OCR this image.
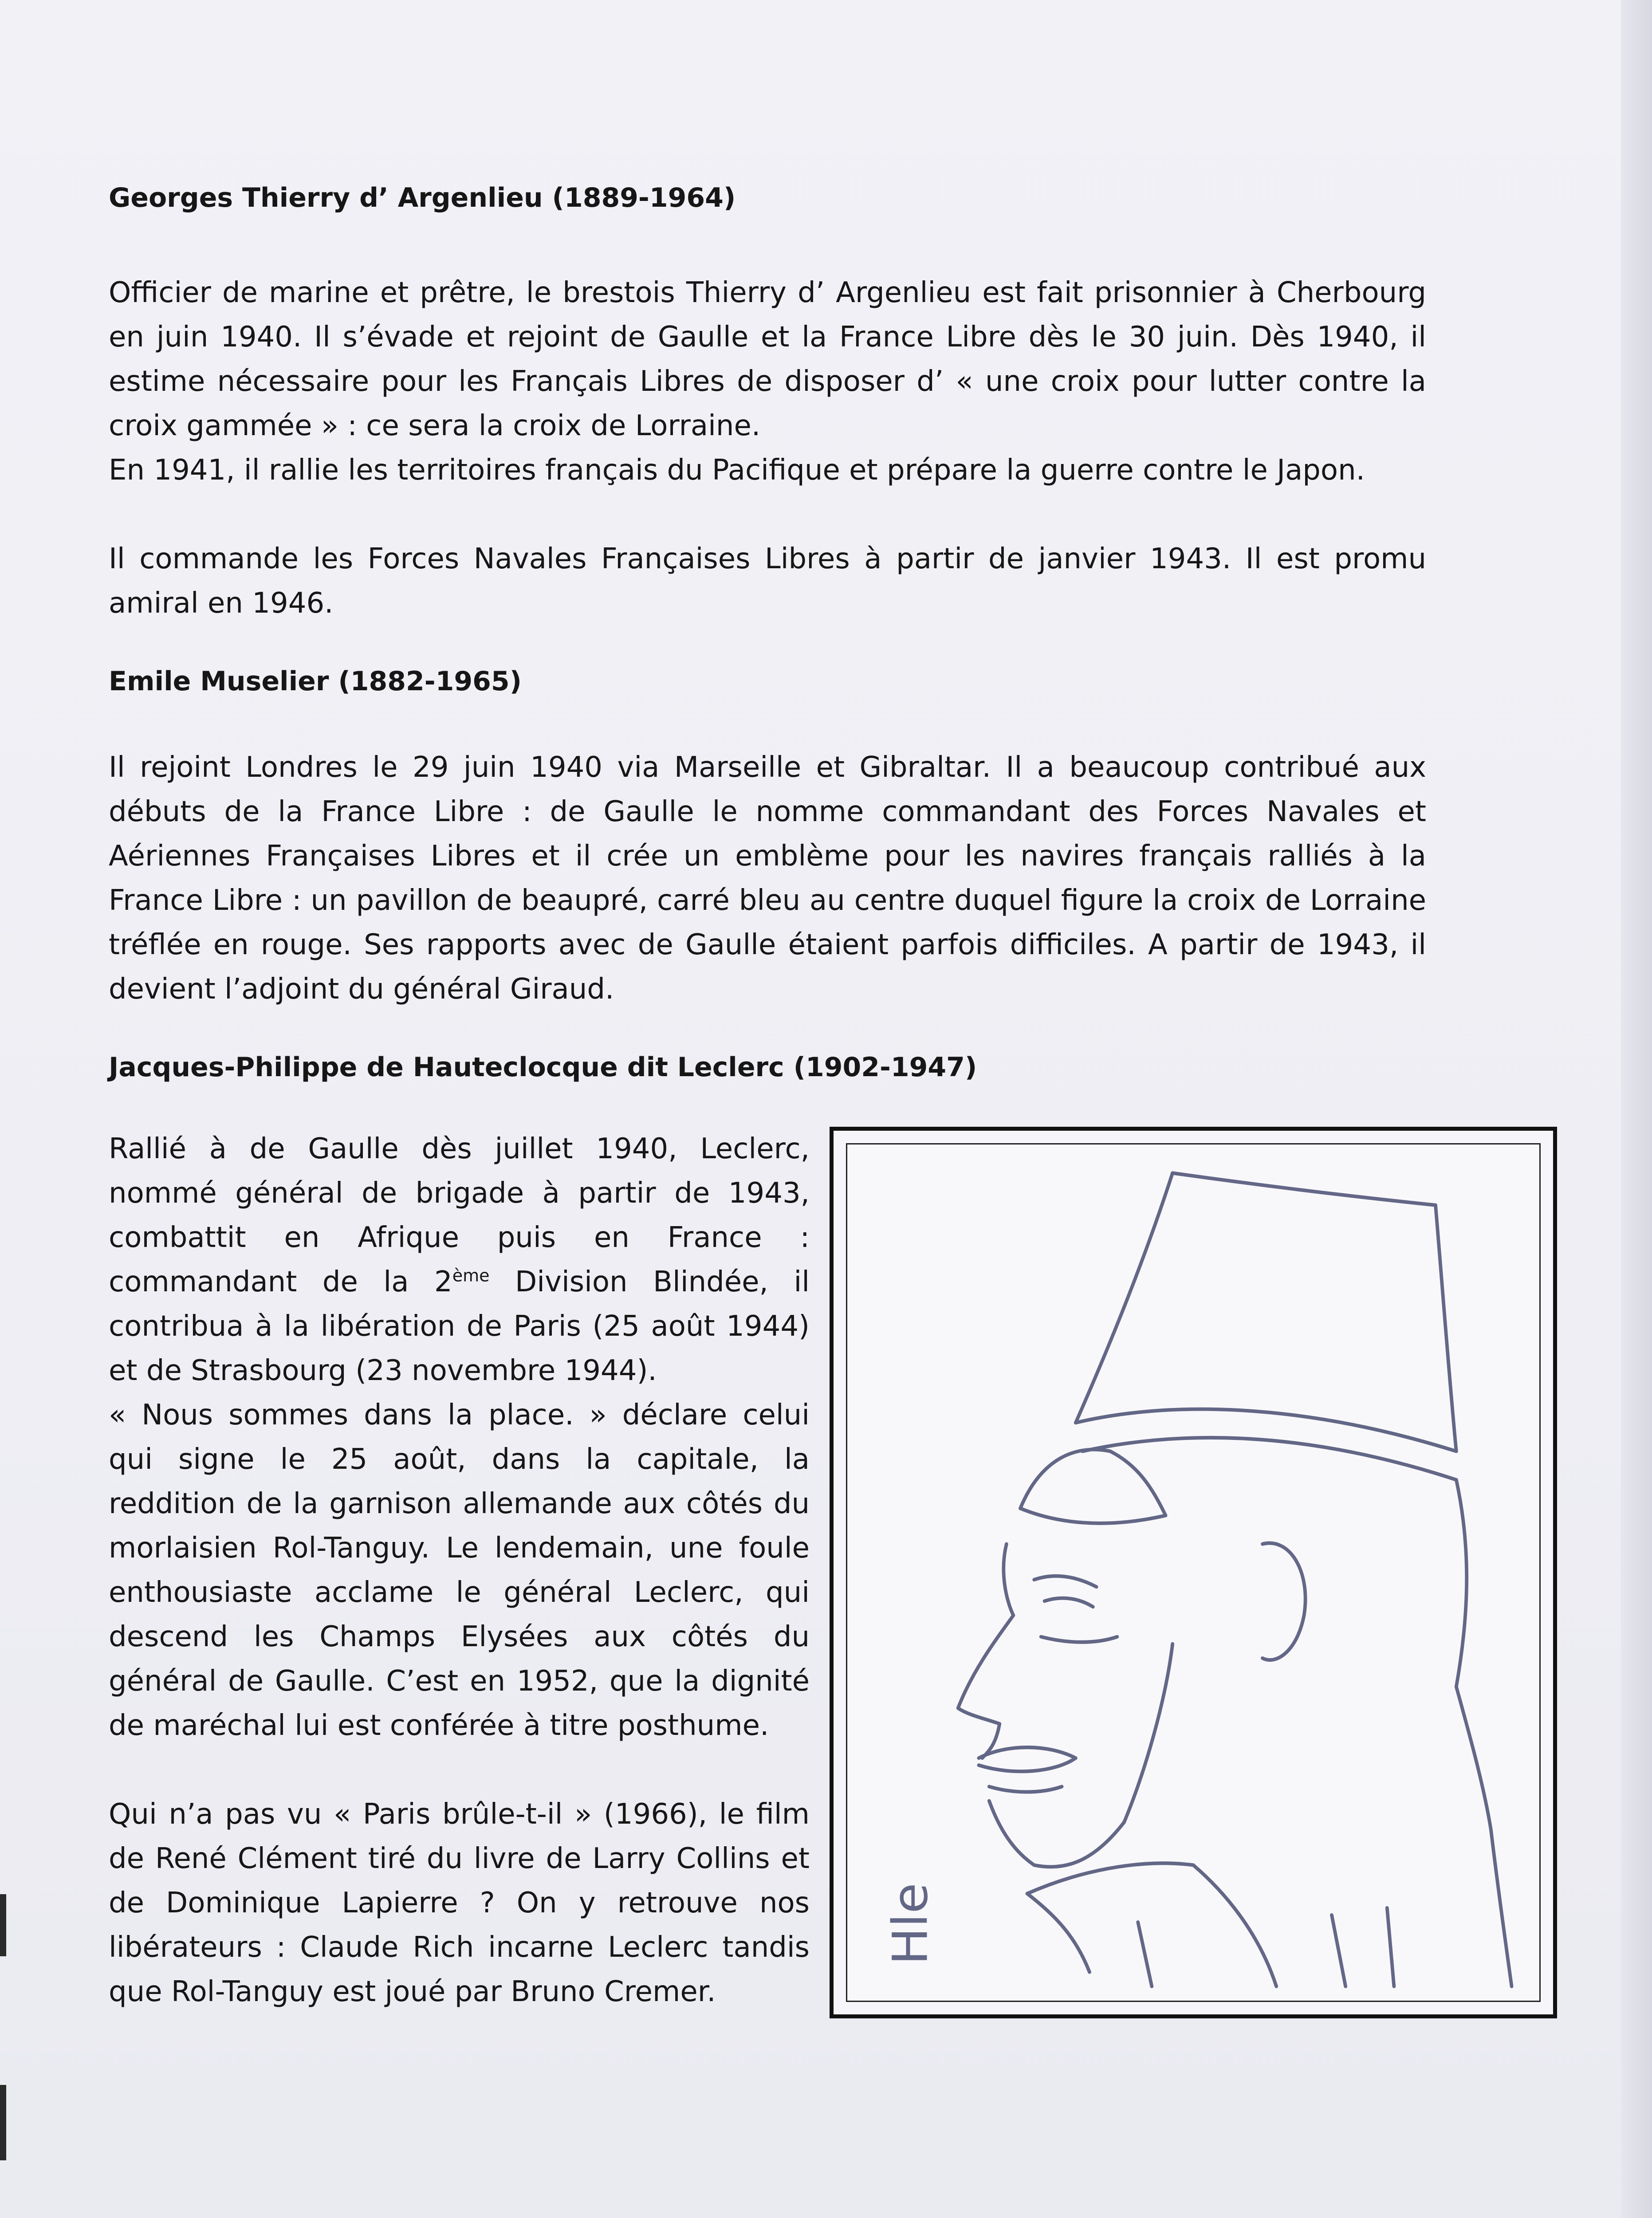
Georges Thierry d’ Argenlieu (1889-1964)

Officier de marine et prêtre, le brestois Thierry d’ Argenlieu est fait prisonnier à Cherbourg en juin 1940. Il s’évade et rejoint de Gaulle et la France Libre dès le 30 juin. Dès 1940, il estime nécessaire pour les Français Libres de disposer d’ « une croix pour lutter contre la croix gammée » : ce sera la croix de Lorraine.

En 1941, il rallie les territoires français du Pacifique et prépare la guerre contre le Japon.

Il commande les Forces Navales Françaises Libres à partir de janvier 1943. Il est promu amiral en 1946.

Emile Muselier (1882-1965)

Il rejoint Londres le 29 juin 1940 via Marseille et Gibraltar. Il a beaucoup contribué aux débuts de la France Libre : de Gaulle le nomme commandant des Forces Navales et Aériennes Françaises Libres et il crée un emblème pour les navires français ralliés à la France Libre : un pavillon de beaupré, carré bleu au centre duquel figure la croix de Lorraine tréflée en rouge. Ses rapports avec de Gaulle étaient parfois difficiles. A partir de 1943, il devient l’adjoint du général Giraud.

Jacques-Philippe de Hauteclocque dit Leclerc (1902-1947)

Rallié à de Gaulle dès juillet 1940, Leclerc, nommé général de brigade à partir de 1943, combattit en Afrique puis en France : commandant de la 2ème Division Blindée, il contribua à la libération de Paris (25 août 1944) et de Strasbourg (23 novembre 1944).

« Nous sommes dans la place. » déclare celui qui signe le 25 août, dans la capitale, la reddition de la garnison allemande aux côtés du morlaisien Rol-Tanguy. Le lendemain, une foule enthousiaste acclame le général Leclerc, qui descend les Champs Elysées aux côtés du général de Gaulle. C’est en 1952, que la dignité de maréchal lui est conférée à titre posthume.

Qui n’a pas vu « Paris brûle-t-il » (1966), le film de René Clément tiré du livre de Larry Collins et de Dominique Lapierre ? On y retrouve nos libérateurs : Claude Rich incarne Leclerc tandis que Rol-Tanguy est joué par Bruno Cremer.

Hle
